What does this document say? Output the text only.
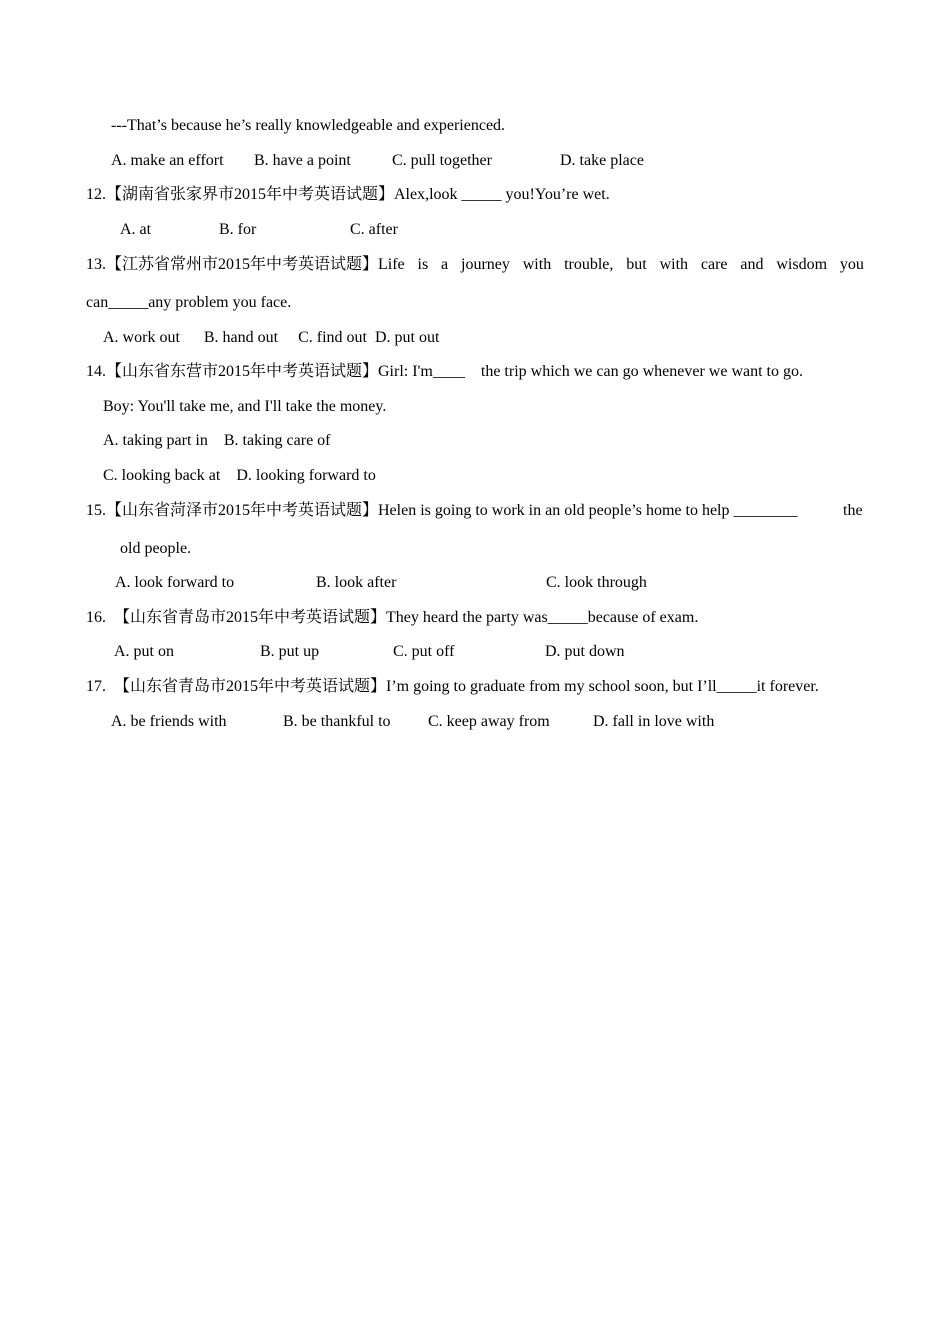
---That’s because he’s really knowledgeable and experienced.
A. make an effort B. have a point	C. pull together	D. take place
12.【湖南省张家界市2015年中考英语试题】Alex,look _____ you!You’re wet.
A. at	B. for	C. after
13.【江苏省常州市2015年中考英语试题】Life is a journey with trouble, but with care and wisdom you
can_____any problem you face.
A. work out      B. hand out     C. find out  D. put out
14.【山东省东营市2015年中考英语试题】Girl: I'm____    the trip which we can go whenever we want to go.
Boy: You'll take me, and I'll take the money.
A. taking part in    B. taking care of
C. looking back at    D. looking forward to
15.【山东省菏泽市2015年中考英语试题】Helen is going to work in an old people’s home to help ________	the
old people.
A. look forward to	B. look after	C. look through
16.  【山东省青岛市2015年中考英语试题】They heard the party was_____because of exam.
A. put on	B. put up	C. put off	D. put down
17.  【山东省青岛市2015年中考英语试题】I’m going to graduate from my school soon, but I’ll_____it forever.
A. be friends with	B. be thankful to C. keep away from	D. fall in love with
